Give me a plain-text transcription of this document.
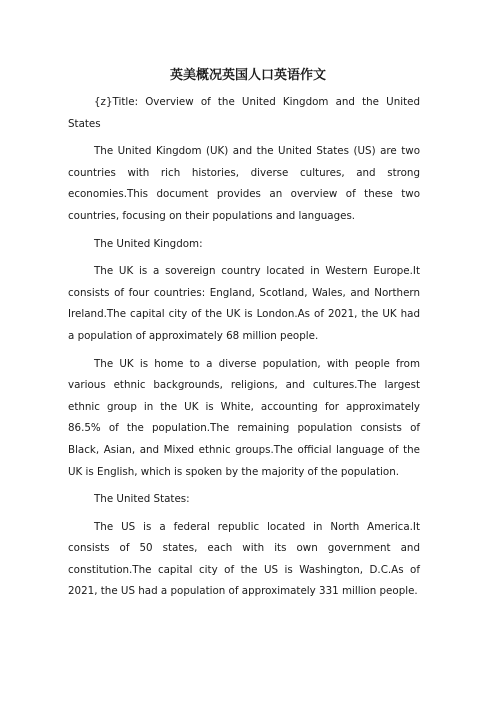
英美概况英国人口英语作文

{z}Title: Overview of the United Kingdom and the United States

The United Kingdom (UK) and the United States (US) are two countries with rich histories, diverse cultures, and strong economies.This document provides an overview of these two countries, focusing on their populations and languages.

The United Kingdom:

The UK is a sovereign country located in Western Europe.It consists of four countries: England, Scotland, Wales, and Northern Ireland.The capital city of the UK is London.As of 2021, the UK had a population of approximately 68 million people.

The UK is home to a diverse population, with people from various ethnic backgrounds, religions, and cultures.The largest ethnic group in the UK is White, accounting for approximately 86.5% of the population.The remaining population consists of Black, Asian, and Mixed ethnic groups.The official language of the UK is English, which is spoken by the majority of the population.

The United States:

The US is a federal republic located in North America.It consists of 50 states, each with its own government and constitution.The capital city of the US is Washington, D.C.As of 2021, the US had a population of approximately 331 million people.
